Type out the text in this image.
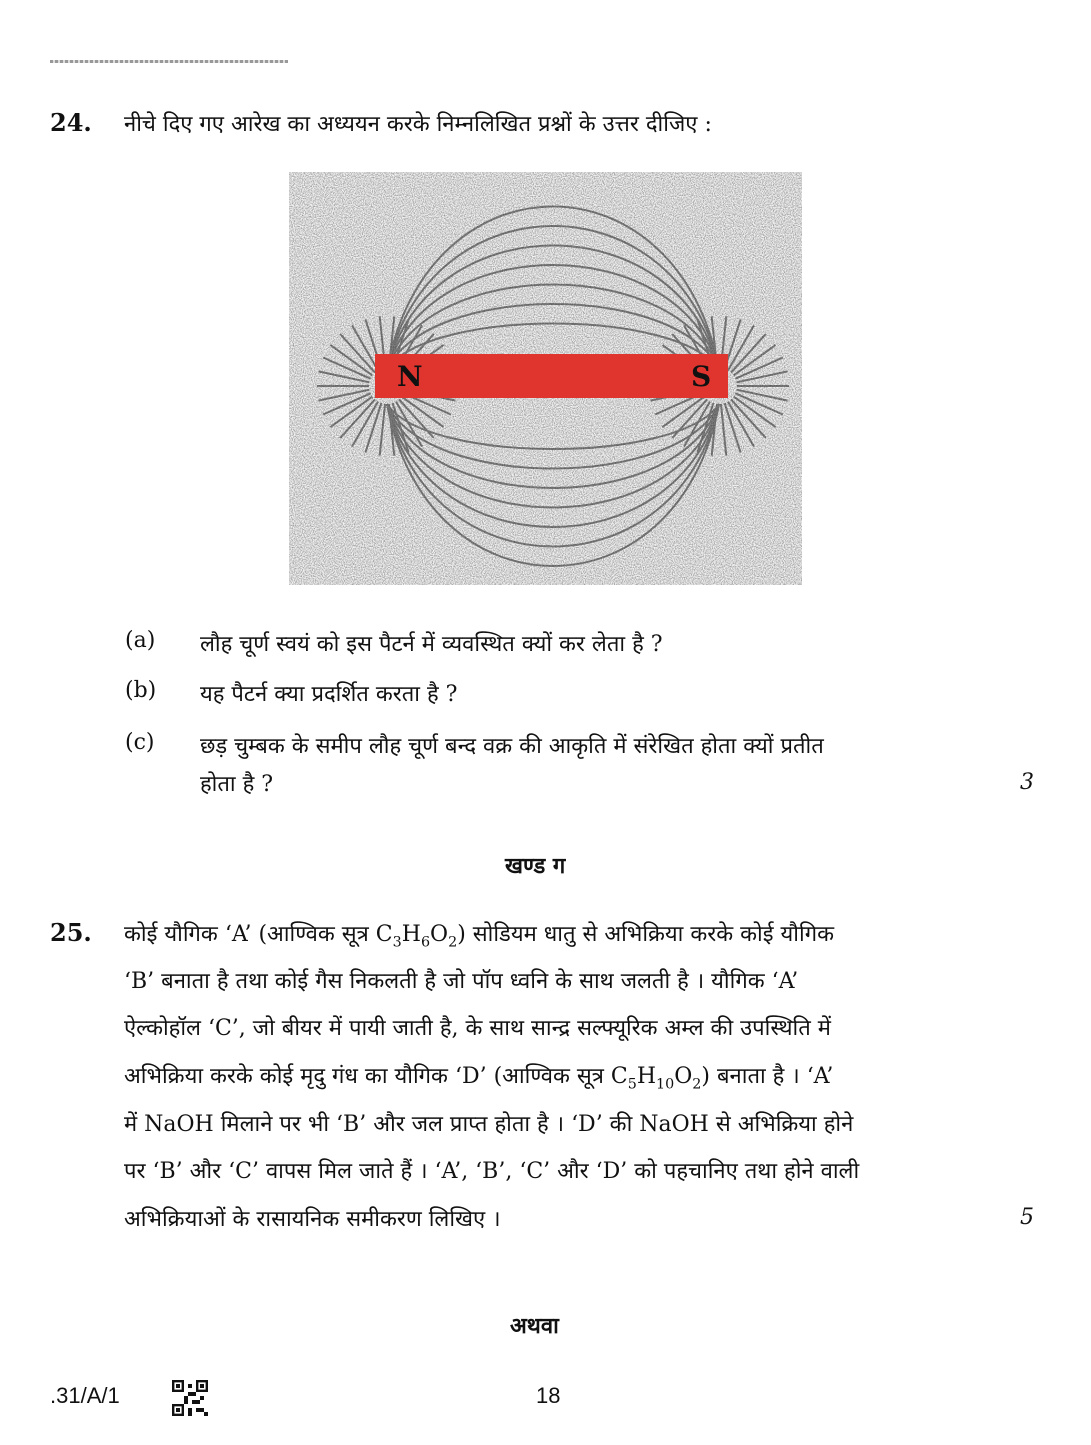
24. नीचे दिए गए आरेख का अध्ययन करके निम्नलिखित प्रश्नों के उत्तर दीजिए :
N	S
(a) लौह चूर्ण स्वयं को इस पैटर्न में व्यवस्थित क्यों कर लेता है ?
(b) यह पैटर्न क्या प्रदर्शित करता है ?
(c) छड़ चुम्बक के समीप लौह चूर्ण बन्द वक्र की आकृति में संरेखित होता क्यों प्रतीत
होता है ?	3
खण्ड ग
25. कोई यौगिक ‘A’ (आण्विक सूत्र $C_3H_6O_2$) सोडियम धातु से अभिक्रिया करके कोई यौगिक
‘B’ बनाता है तथा कोई गैस निकलती है जो पॉप ध्वनि के साथ जलती है । यौगिक ‘A’
ऐल्कोहॉल ‘C’, जो बीयर में पायी जाती है, के साथ सान्द्र सल्फ्यूरिक अम्ल की उपस्थिति में
अभिक्रिया करके कोई मृदु गंध का यौगिक ‘D’ (आण्विक सूत्र $C_5H_{10}O_2$) बनाता है । ‘A’
में NaOH मिलाने पर भी ‘B’ और जल प्राप्त होता है । ‘D’ की NaOH से अभिक्रिया होने
पर ‘B’ और ‘C’ वापस मिल जाते हैं । ‘A’, ‘B’, ‘C’ और ‘D’ को पहचानिए तथा होने वाली
अभिक्रियाओं के रासायनिक समीकरण लिखिए ।	5
अथवा
.31/A/1	18
